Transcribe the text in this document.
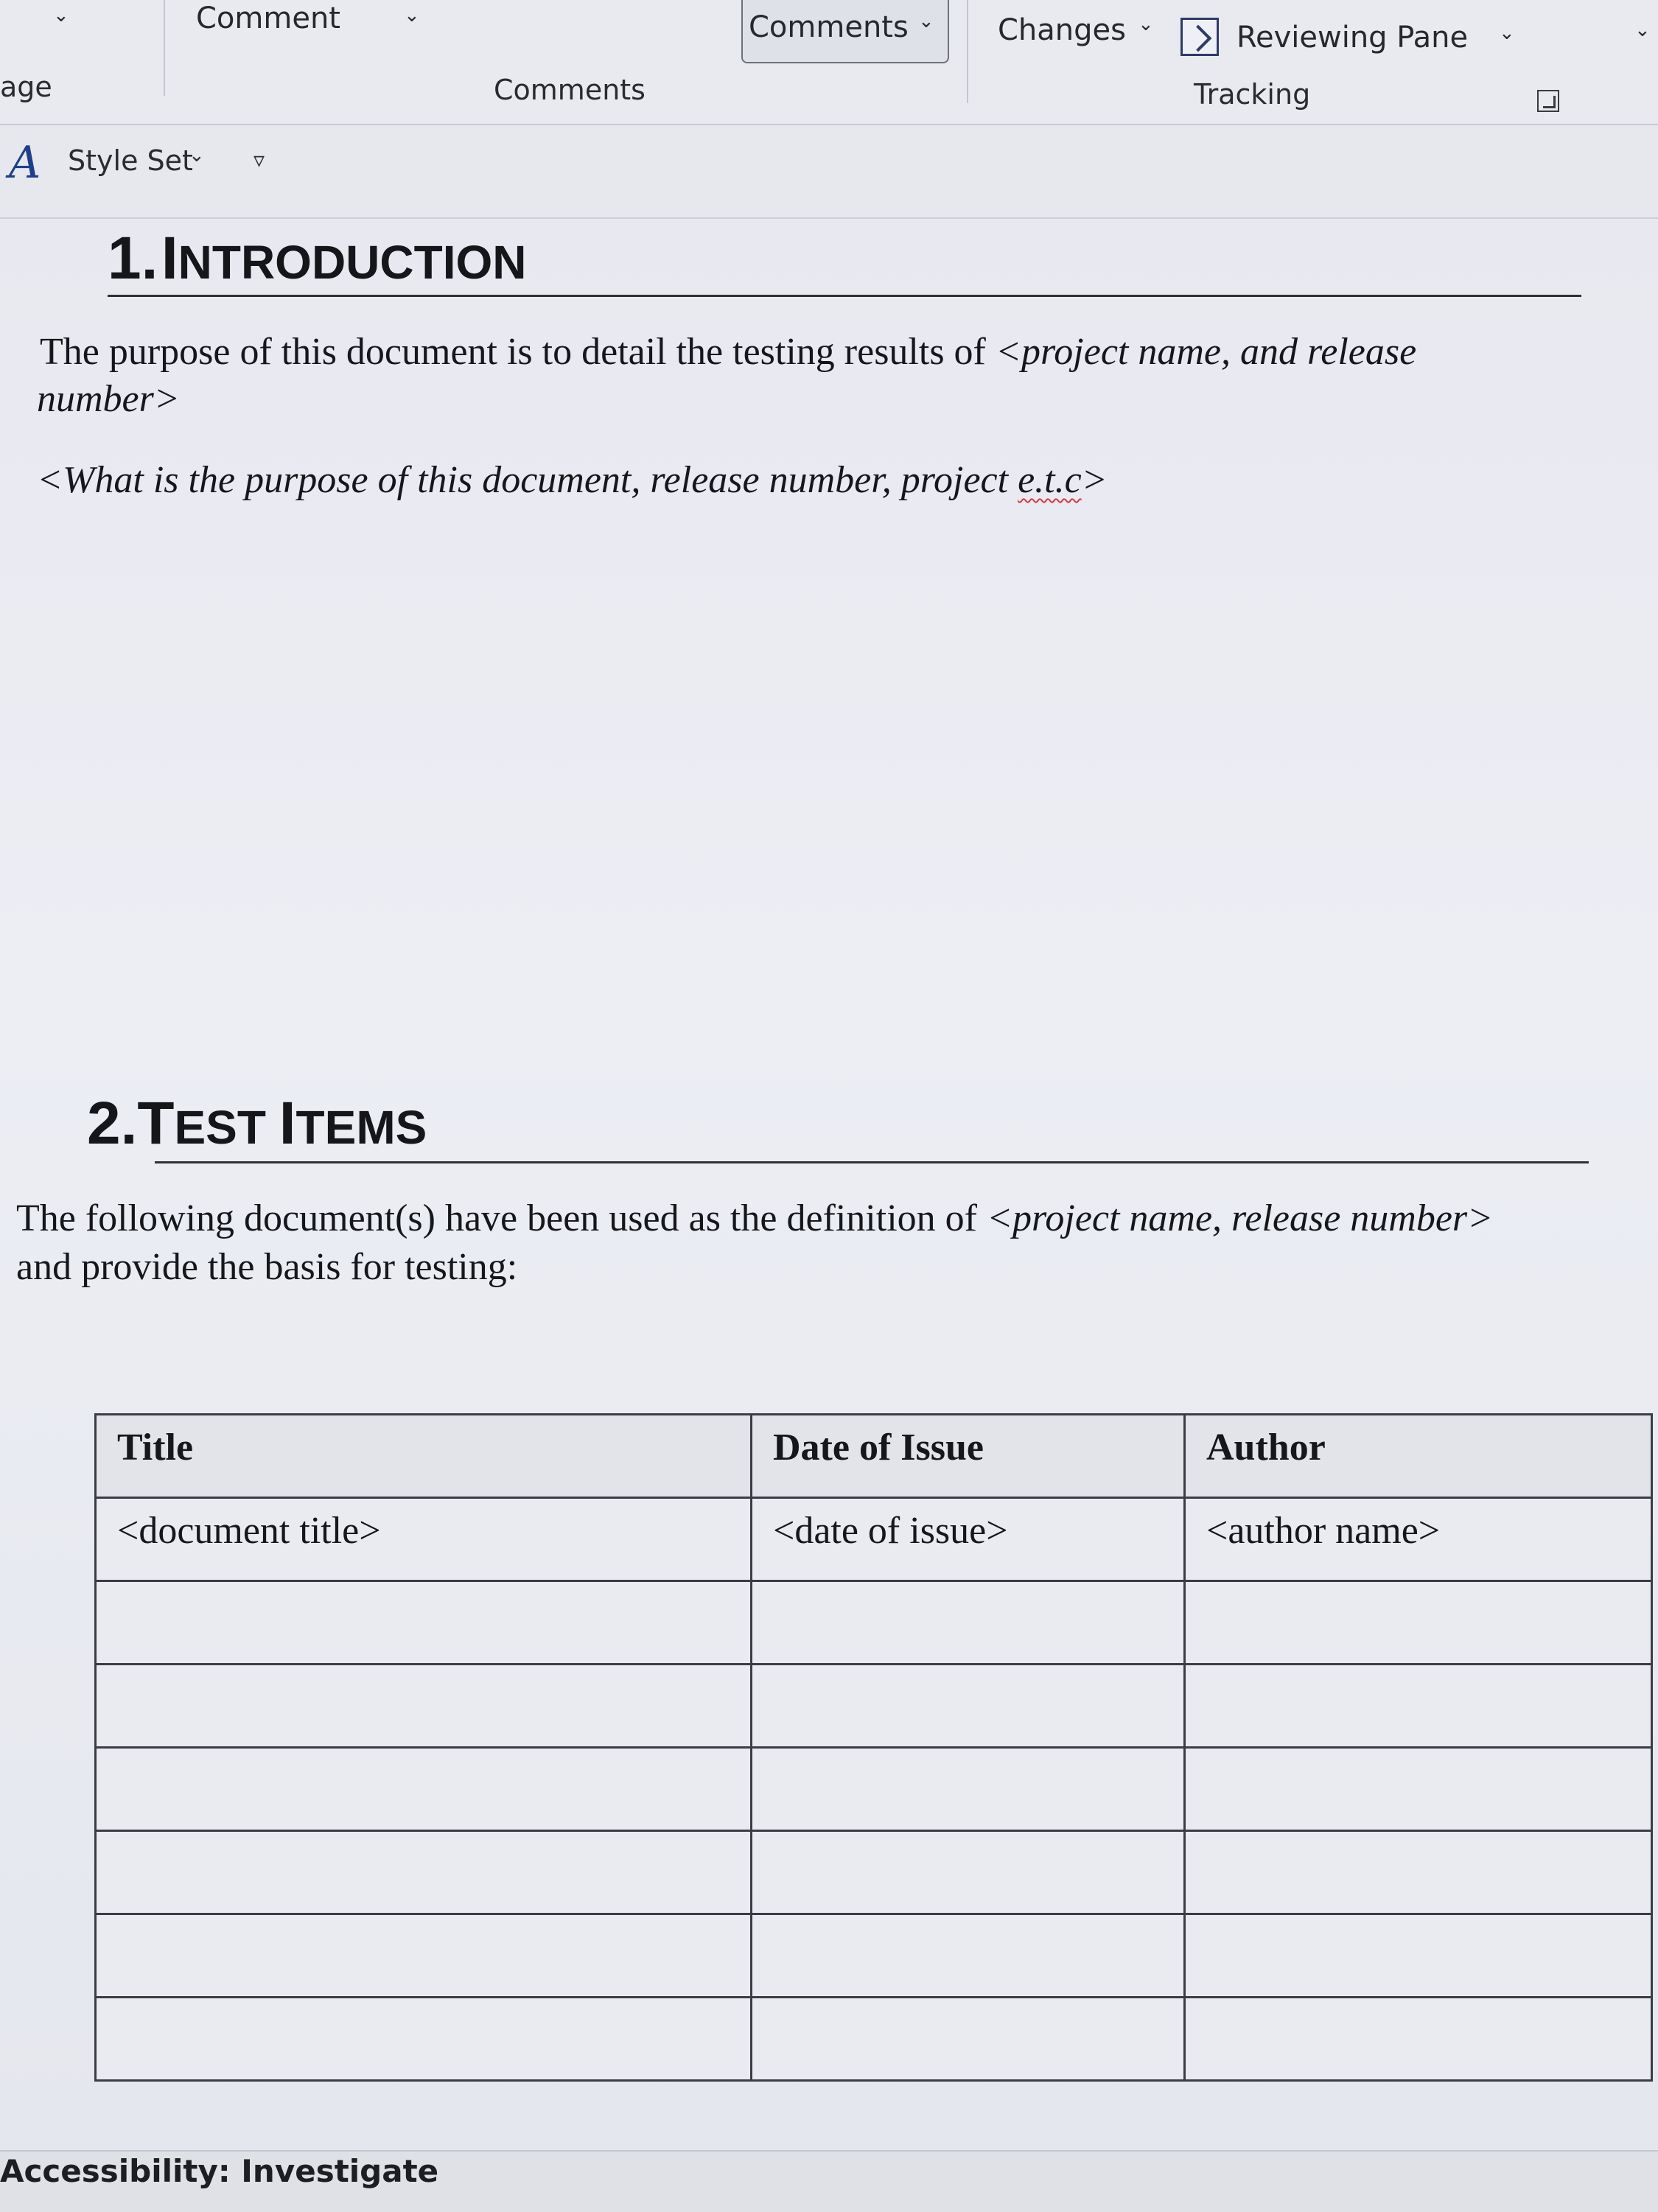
⌄	Comment	⌄
age	Comments
Comments ⌄ Changes ⌄	Reviewing Pane ⌄	⌄
Tracking
A Style Set
⌄ ▿
1. INTRODUCTION
The purpose of this document is to detail the testing results of <project name, and release
number>
<What is the purpose of this document, release number, project e.t.c>
2.TEST ITEMS
The following document(s) have been used as the definition of <project name, release number>
and provide the basis for testing:
Title	Date of Issue	Author
<document title>	<date of issue>	<author name>

Accessibility: Investigate
